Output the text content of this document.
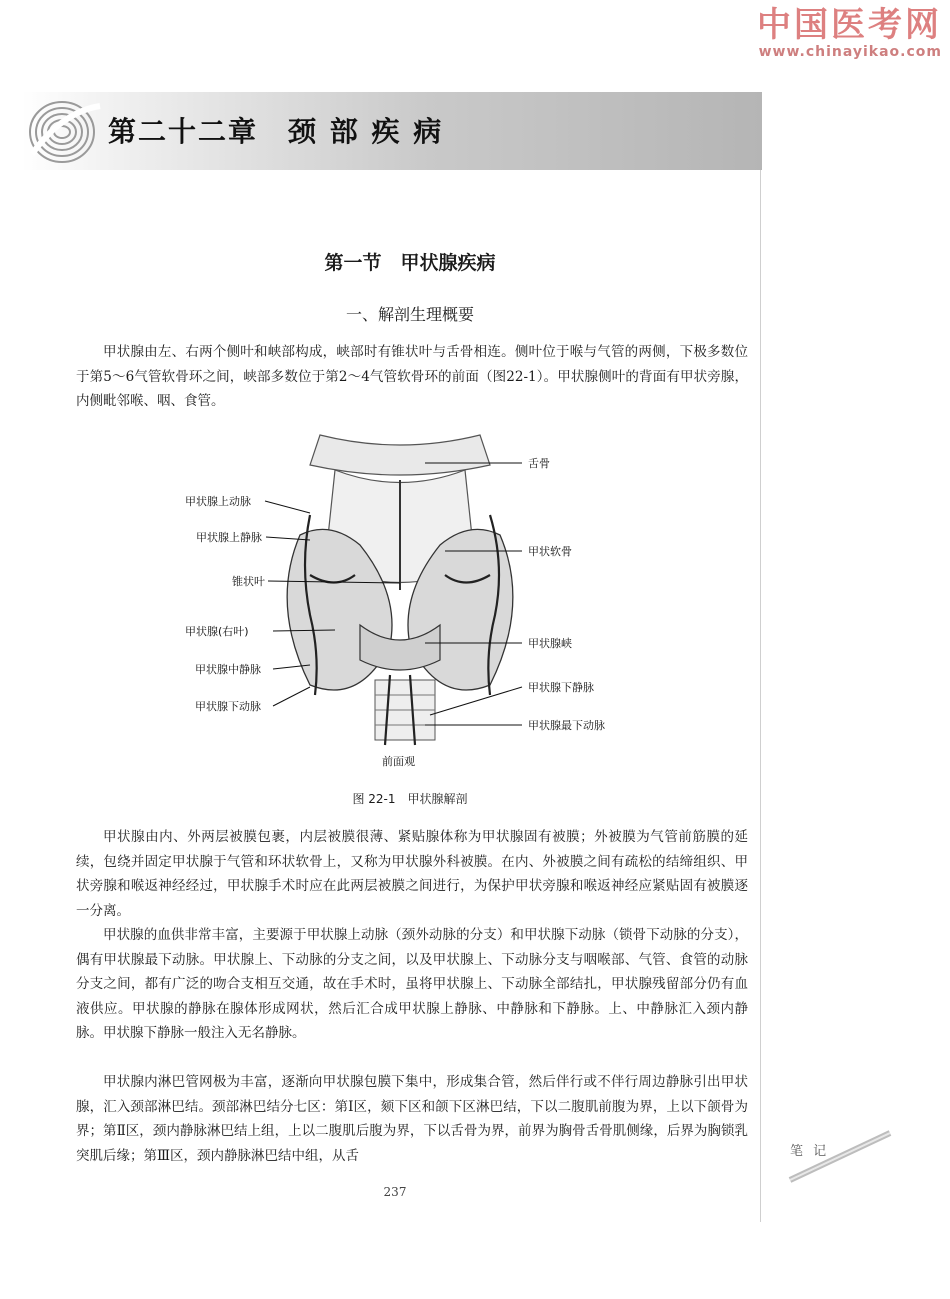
中国医考网
www.chinayikao.com
第二十二章　颈 部 疾 病
第一节　甲状腺疾病
一、解剖生理概要

甲状腺由左、右两个侧叶和峡部构成，峡部时有锥状叶与舌骨相连。侧叶位于喉与气管的两侧，下极多数位于第5～6气管软骨环之间，峡部多数位于第2～4气管软骨环的前面（图22-1）。甲状腺侧叶的背面有甲状旁腺，内侧毗邻喉、咽、食管。

甲状腺上动脉
甲状腺上静脉
锥状叶
甲状腺(右叶)
甲状腺中静脉
甲状腺下动脉
舌骨
甲状软骨
甲状腺峡
甲状腺下静脉
甲状腺最下动脉
前面观
图 22-1　甲状腺解剖

甲状腺由内、外两层被膜包裹，内层被膜很薄、紧贴腺体称为甲状腺固有被膜；外被膜为气管前筋膜的延续，包绕并固定甲状腺于气管和环状软骨上，又称为甲状腺外科被膜。在内、外被膜之间有疏松的结缔组织、甲状旁腺和喉返神经经过，甲状腺手术时应在此两层被膜之间进行，为保护甲状旁腺和喉返神经应紧贴固有被膜逐一分离。

甲状腺的血供非常丰富，主要源于甲状腺上动脉（颈外动脉的分支）和甲状腺下动脉（锁骨下动脉的分支），偶有甲状腺最下动脉。甲状腺上、下动脉的分支之间，以及甲状腺上、下动脉分支与咽喉部、气管、食管的动脉分支之间，都有广泛的吻合支相互交通，故在手术时，虽将甲状腺上、下动脉全部结扎，甲状腺残留部分仍有血液供应。甲状腺的静脉在腺体形成网状，然后汇合成甲状腺上静脉、中静脉和下静脉。上、中静脉汇入颈内静脉。甲状腺下静脉一般注入无名静脉。

甲状腺内淋巴管网极为丰富，逐渐向甲状腺包膜下集中，形成集合管，然后伴行或不伴行周边静脉引出甲状腺，汇入颈部淋巴结。颈部淋巴结分七区：第Ⅰ区，颏下区和颌下区淋巴结，下以二腹肌前腹为界，上以下颌骨为界；第Ⅱ区，颈内静脉淋巴结上组，上以二腹肌后腹为界，下以舌骨为界，前界为胸骨舌骨肌侧缘，后界为胸锁乳突肌后缘；第Ⅲ区，颈内静脉淋巴结中组，从舌

237
笔 记
